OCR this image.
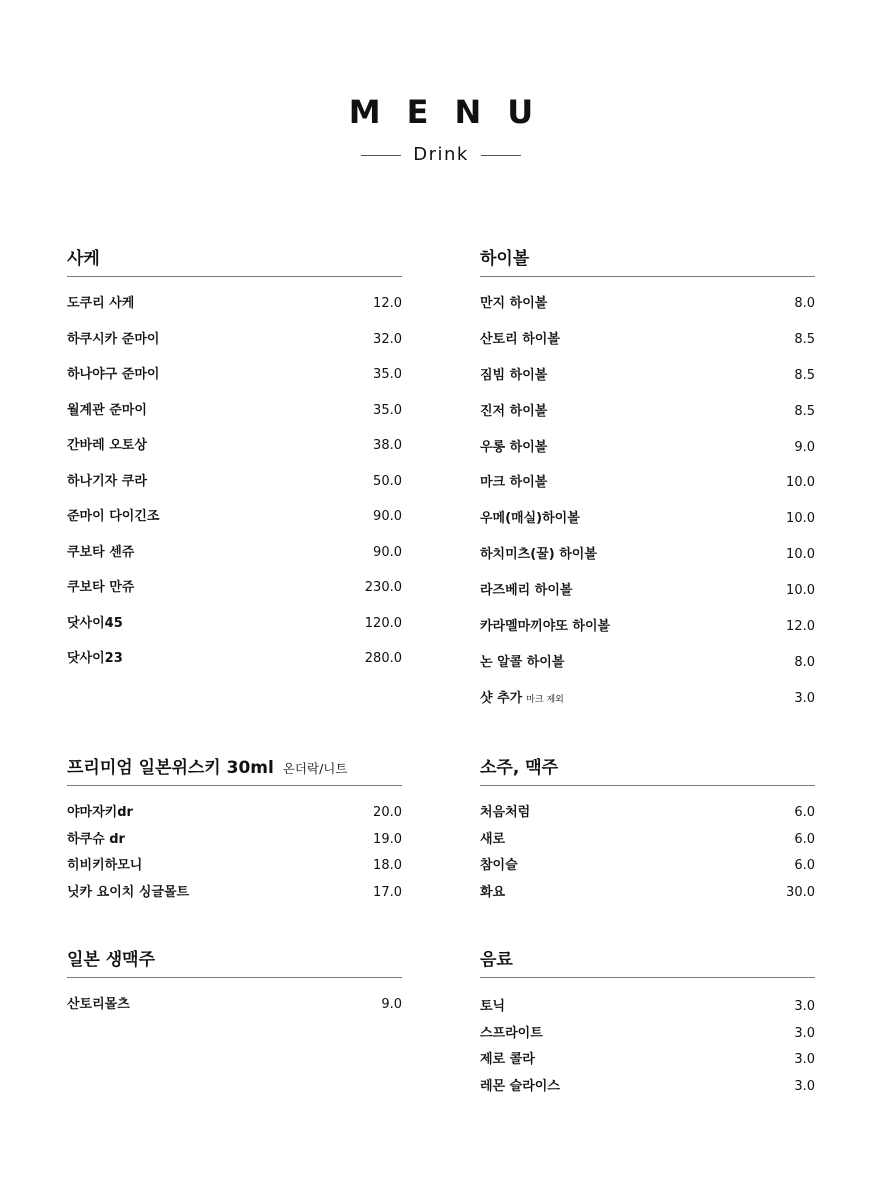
MENU
Drink
사케
도쿠리 사케	12.0
하쿠시카 준마이	32.0
하나야구 준마이	35.0
월계관 준마이	35.0
간바레 오토상	38.0
하나기자 쿠라	50.0
준마이 다이긴조	90.0
쿠보타 센쥬	90.0
쿠보타 만쥬	230.0
닷사이45	120.0
닷사이23	280.0
하이볼
만지 하이볼	8.0
산토리 하이볼	8.5
짐빔 하이볼	8.5
진저 하이볼	8.5
우롱 하이볼	9.0
마크 하이볼	10.0
우메(매실)하이볼	10.0
하치미츠(꿀) 하이볼	10.0
라즈베리 하이볼	10.0
카라멜마끼야또 하이볼	12.0
논 알콜 하이볼	8.0
샷 추가 마크 제외	3.0
프리미엄 일본위스키 30ml 온더락/니트
야마자키dr	20.0
하쿠슈 dr	19.0
히비키하모니	18.0
닛카 요이치 싱글몰트	17.0
소주, 맥주
처음처럼	6.0
새로	6.0
참이슬	6.0
화요	30.0
일본 생맥주
산토리몰츠	9.0
음료
토닉	3.0
스프라이트	3.0
제로 콜라	3.0
레몬 슬라이스	3.0
